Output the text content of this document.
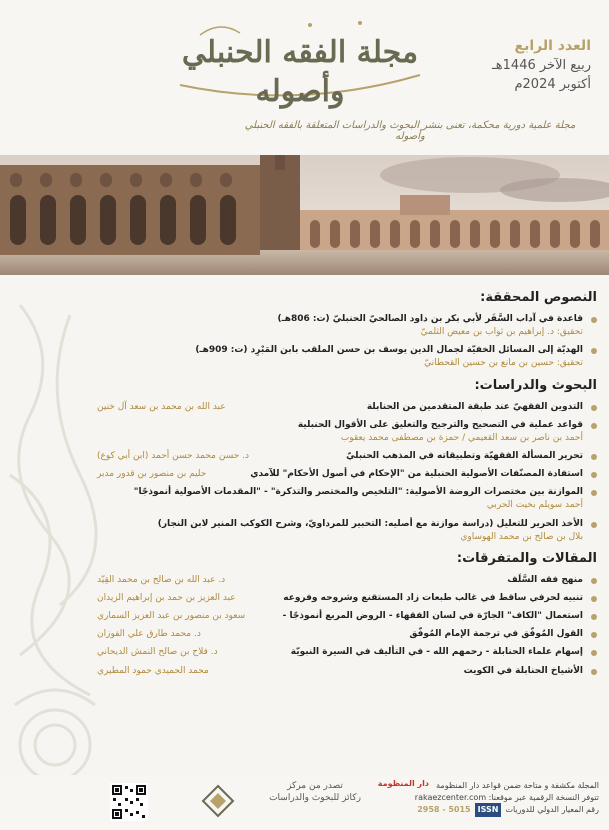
العدد الرابع
ربيع الآخر 1446هـ
أكتوبر 2024م
مجلة الفقه الحنبلي وأصوله
مجلة علمية دورية محكمة، تعنى بنشر البحوث والدراسات المتعلقة بالفقه الحنبلي وأصوله
النصوص المحققة:
قاعدة في آداب السَّفَر لأبي بكر بن داود الصالحيّ الحنبليّ (ت: 806هـ)
تحقيق: د. إبراهيم بن ثواب بن معيض الثلميّ
الهديّة إلى المسائل الخفيّة لجمال الدين يوسف بن حسن الملقب بابن المَبْرِد (ت: 909هـ)
تحقيق: حسين بن مانع بن حسين القحطانيّ
البحوث والدراسات:
التدوين الفقهيّ عند طبقة المتقدمين من الحنابلة
عبد الله بن محمد بن سعد آل خنين
قواعد عملية في التصحيح والترجيح والتعليق على الأقوال الحنبلية
أحمد بن ناصر بن سعد القعيمي / حمزة بن مصطفى محمد يعقوب
تحرير المسألة الفقهيّة وتطبيقاته في المذهب الحنبليّ
د. حسن محمد حسن أحمد (ابن أبي كوع)
استفادة المصنّفات الأصولية الحنبلية من "الإحكام في أصول الأحكام" للآمدي
حليم بن منصور بن قدور مدبر
الموازنة بين مختصرات الروضة الأصولية: "التلخيص والمختصر والتذكرة" - "المقدمات الأصولية أنموذجًا"
أحمد سويلم بخيت الحربي
الأخذ الحرير للتعليل (دراسة موازنة مع أصليه: التحبير للمرداويّ، وشرح الكوكب المنير لابن النجار)
بلال بن صالح بن محمد الهوساوي
المقالات والمتفرقات:
منهج فقه السَّلَف
د. عبد الله بن صالح بن محمد القِيّد
تنبيه لحرفي ساقط في غالب طبعات زاد المستقنع وشروحه وفروعه
عبد العزيز بن حمد بن إبراهيم الزيدان
استعمال "الكاف" الجارّة في لسان الفقهاء - الروض المربع أنموذجًا -
سعود بن منصور بن عبد العزيز السماري
القول المُوفّق في ترجمة الإمام المُوفّق
د. محمد طارق علي الفوزان
إسهام علماء الحنابلة - رحمهم الله - في التأليف في السيرة النبويّة
د. فلاح بن صالح النمش الديحاني
الأشياخ الحنابلة في الكويت
محمد الحميدي حمود المطيري
المجلة مكشفة و متاحة ضمن قواعد دار المنظومة
تتوفر النسخة الرقمية عبر موقعنا: rakaezcenter.com
رقم المعيار الدولي للدوريات
ISSN
5015 - 2958
دار المنظومة
تصدر من مركز
ركائز للبحوث والدراسات
